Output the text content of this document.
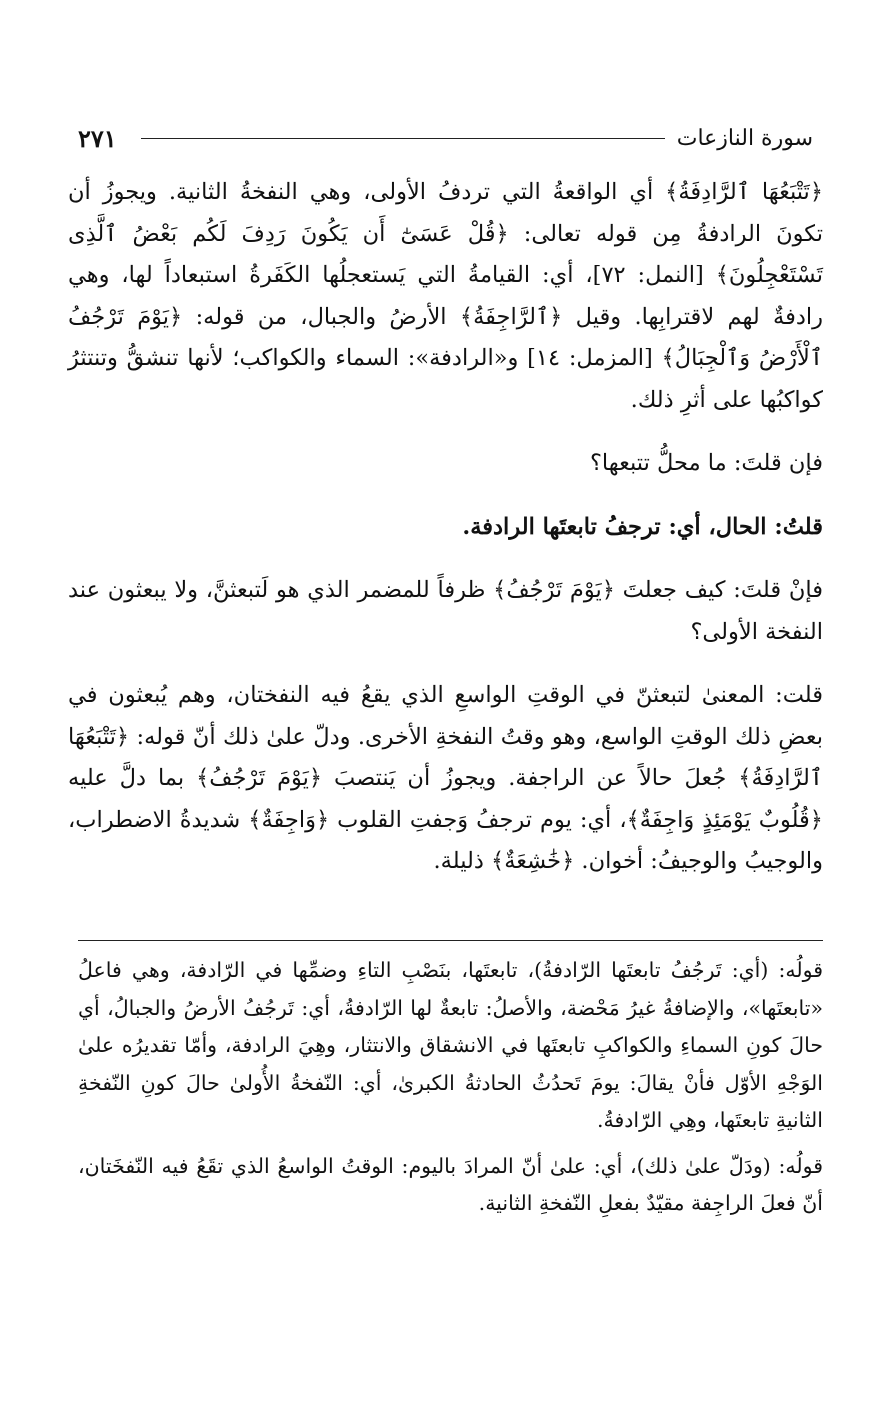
٢٧١	سورة النازعات

﴿تَتْبَعُهَا ٱلرَّادِفَةُ﴾ أي الواقعةُ التي تردفُ الأولى، وهي النفخةُ الثانية. ويجوزُ أن تكونَ الرادفةُ مِن قوله تعالى: ﴿قُلْ عَسَىٰٓ أَن يَكُونَ رَدِفَ لَكُم بَعْضُ ٱلَّذِى تَسْتَعْجِلُونَ﴾ [النمل: ٧٢]، أي: القيامةُ التي يَستعجلُها الكَفَرةُ استبعاداً لها، وهي رادفةٌ لهم لاقترابِها. وقيل ﴿ٱلرَّاجِفَةُ﴾ الأرضُ والجبال، من قوله: ﴿يَوْمَ تَرْجُفُ ٱلْأَرْضُ وَٱلْجِبَالُ﴾ [المزمل: ١٤] و«الرادفة»: السماء والكواكب؛ لأنها تنشقُّ وتنتثرُ كواكبُها على أثرِ ذلك.

فإن قلتَ: ما محلُّ تتبعها؟

قلتُ: الحال، أي: ترجفُ تابعتَها الرادفة.

فإنْ قلتَ: كيف جعلتَ ﴿يَوْمَ تَرْجُفُ﴾ ظرفاً للمضمر الذي هو لَتبعثنَّ، ولا يبعثون عند النفخة الأولى؟

قلت: المعنىٰ لتبعثنّ في الوقتِ الواسعِ الذي يقعُ فيه النفختان، وهم يُبعثون في بعضِ ذلك الوقتِ الواسع، وهو وقتُ النفخةِ الأخرى. ودلّ علىٰ ذلك أنّ قوله: ﴿تَتْبَعُهَا ٱلرَّادِفَةُ﴾ جُعلَ حالاً عن الراجفة. ويجوزُ أن يَنتصبَ ﴿يَوْمَ تَرْجُفُ﴾ بما دلَّ عليه ﴿قُلُوبٌ يَوْمَئِذٍ وَاجِفَةٌ﴾، أي: يوم ترجفُ وَجفتِ القلوب ﴿وَاجِفَةٌ﴾ شديدةُ الاضطراب، والوجيبُ والوجيفُ: أخوان. ﴿خَٰشِعَةٌ﴾ ذليلة.

قولُه: (أي: تَرجُفُ تابعتَها الرّادفةُ)، تابعتَها، بنَصْبِ التاءِ وضمِّها في الرّادفة، وهي فاعلُ «تابعتَها»، والإضافةُ غيرُ مَحْضة، والأصلُ: تابعةٌ لها الرّادفةُ، أي: تَرجُفُ الأرضُ والجبالُ، أي حالَ كونِ السماءِ والكواكبِ تابعتَها في الانشقاق والانتثار، وهِيَ الرادفة، وأمّا تقديرُه علىٰ الوَجْهِ الأوّل فأنْ يقالَ: يومَ تَحدُثُ الحادثةُ الكبرىٰ، أي: النّفخةُ الأُولىٰ حالَ كونِ النّفخةِ الثانيةِ تابعتَها، وهِي الرّادفةُ.

قولُه: (ودَلّ علىٰ ذلك)، أي: علىٰ أنّ المرادَ باليوم: الوقتُ الواسعُ الذي تقَعُ فيه النّفخَتان، أنّ فعلَ الراجِفة مقيّدٌ بفعلِ النّفخةِ الثانية.
